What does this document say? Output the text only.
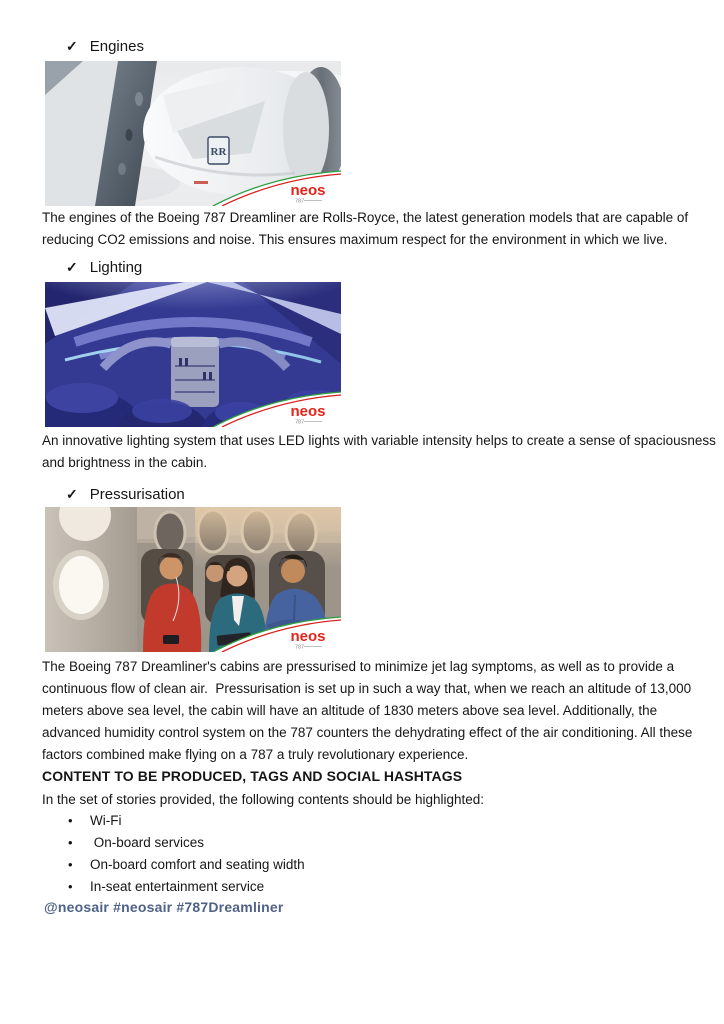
✓ Engines
RR
neos
787

The engines of the Boeing 787 Dreamliner are Rolls-Royce, the latest generation models that are capable of reducing CO2 emissions and noise. This ensures maximum respect for the environment in which we live.

✓ Lighting
neos
787

An innovative lighting system that uses LED lights with variable intensity helps to create a sense of spaciousness and brightness in the cabin.

✓ Pressurisation
neos
787

The Boeing 787 Dreamliner's cabins are pressurised to minimize jet lag symptoms, as well as to provide a continuous flow of clean air.  Pressurisation is set up in such a way that, when we reach an altitude of 13,000 meters above sea level, the cabin will have an altitude of 1830 meters above sea level. Additionally, the advanced humidity control system on the 787 counters the dehydrating effect of the air conditioning. All these factors combined make flying on a 787 a truly revolutionary experience.

CONTENT TO BE PRODUCED, TAGS AND SOCIAL HASHTAGS

In the set of stories provided, the following contents should be highlighted:

• Wi-Fi
• On-board services
• On-board comfort and seating width
• In-seat entertainment service

@neosair #neosair #787Dreamliner
